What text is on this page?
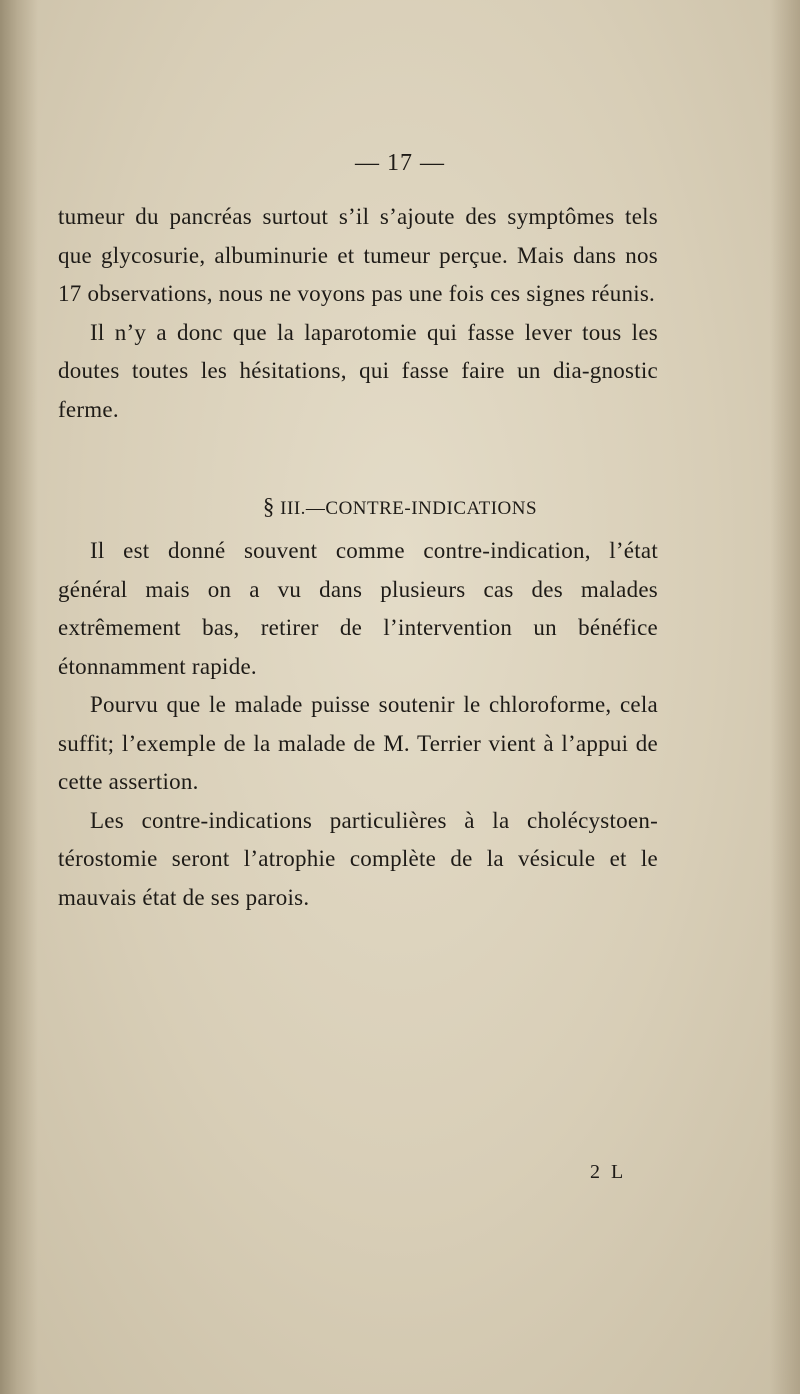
— 17 —

tumeur du pancréas surtout s’il s’ajoute des symptômes tels que glycosurie, albuminurie et tumeur perçue. Mais dans nos 17 observations, nous ne voyons pas une fois ces signes réunis.

Il n’y a donc que la laparotomie qui fasse lever tous les doutes toutes les hésitations, qui fasse faire un dia-gnostic ferme.

§ III.—CONTRE-INDICATIONS

Il est donné souvent comme contre-indication, l’état général mais on a vu dans plusieurs cas des malades extrêmement bas, retirer de l’intervention un bénéfice étonnamment rapide.

Pourvu que le malade puisse soutenir le chloroforme, cela suffit; l’exemple de la malade de M. Terrier vient à l’appui de cette assertion.

Les contre-indications particulières à la cholécystoen-térostomie seront l’atrophie complète de la vésicule et le mauvais état de ses parois.

2 L
